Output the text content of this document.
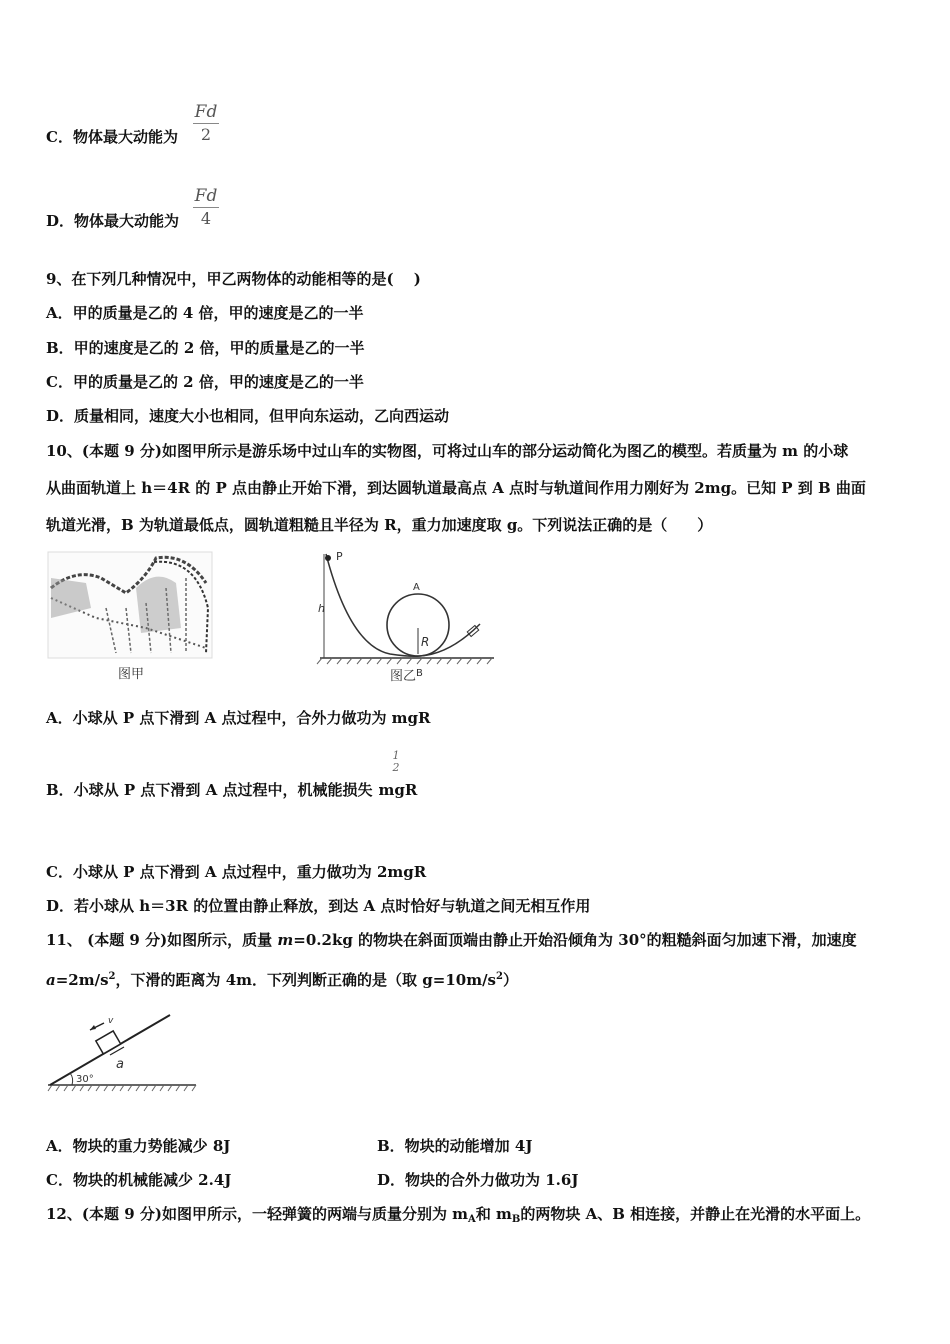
C．物体最大动能为
Fd
2
D．物体最大动能为
Fd
4
9、在下列几种情况中，甲乙两物体的动能相等的是(　 )
A．甲的质量是乙的 4 倍，甲的速度是乙的一半
B．甲的速度是乙的 2 倍，甲的质量是乙的一半
C．甲的质量是乙的 2 倍，甲的速度是乙的一半
D．质量相同，速度大小也相同，但甲向东运动，乙向西运动
10、(本题 9 分)如图甲所示是游乐场中过山车的实物图，可将过山车的部分运动简化为图乙的模型。若质量为 m 的小球
从曲面轨道上 h＝4R 的 P 点由静止开始下滑，到达圆轨道最高点 A 点时与轨道间作用力刚好为 2mg。已知 P 到 B 曲面
轨道光滑，B 为轨道最低点，圆轨道粗糙且半径为 R，重力加速度取 g。下列说法正确的是（　　）
图甲
P
h
A
R
图乙$^B$
A．小球从 P 点下滑到 A 点过程中，合外力做功为 mgR
B．小球从 P 点下滑到 A 点过程中，机械能损失 mgR
1
2
C．小球从 P 点下滑到 A 点过程中，重力做功为 2mgR
D．若小球从 h＝3R 的位置由静止释放，到达 A 点时恰好与轨道之间无相互作用
11、 (本题 9 分)如图所示，质量 m=0.2kg 的物块在斜面顶端由静止开始沿倾角为 30°的粗糙斜面匀加速下滑，加速度
$a=2m/s^2$，下滑的距离为 4m．下列判断正确的是（取 $g=10m/s^2$）
v
a
30°
A．物块的重力势能减少 8J	B．物块的动能增加 4J
C．物块的机械能减少 2.4J	D．物块的合外力做功为 1.6J
12、(本题 9 分)如图甲所示，一轻弹簧的两端与质量分别为 $m_A$和 $m_B$的两物块 A、B 相连接，并静止在光滑的水平面上。
